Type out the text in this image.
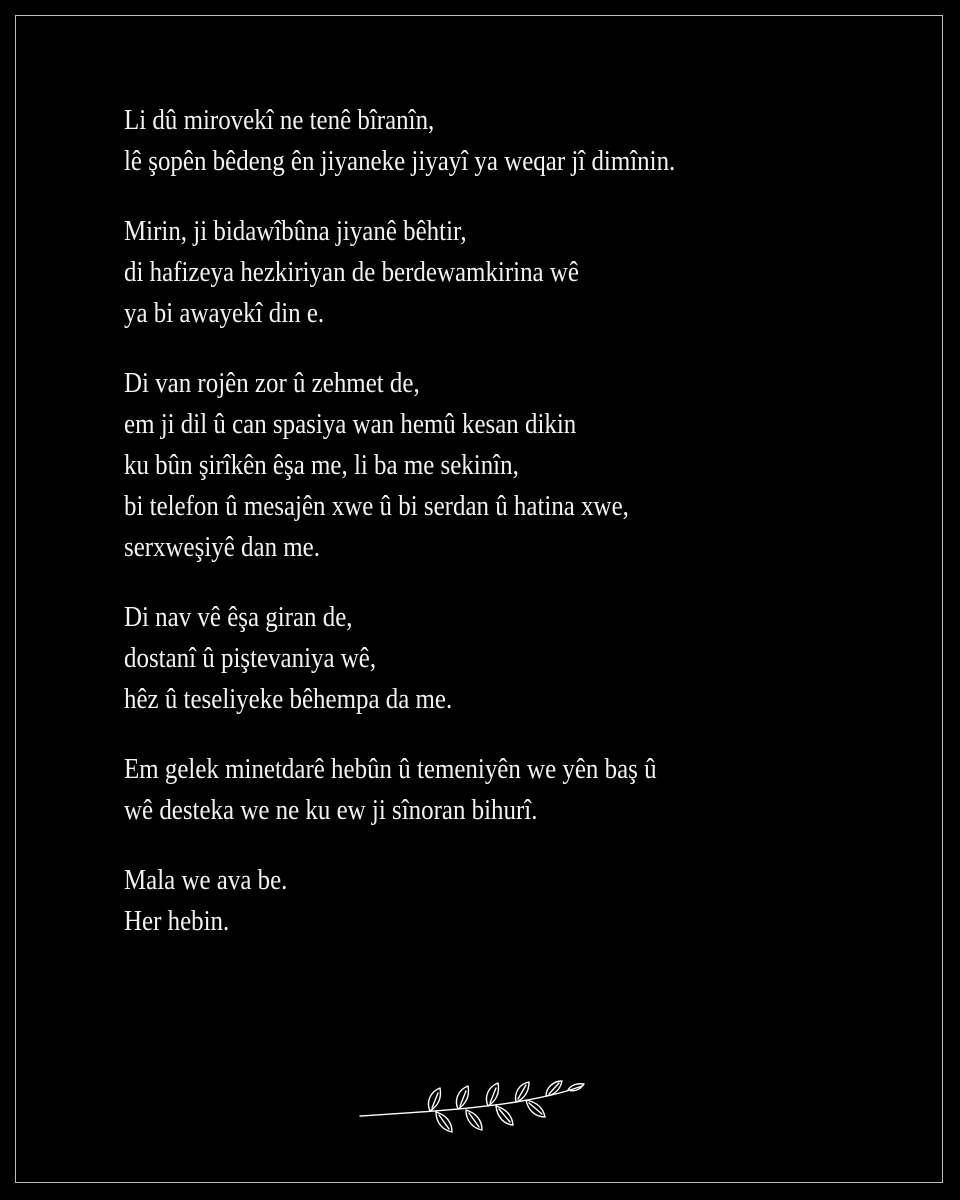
Li dû mirovekî ne tenê bîranîn,
lê şopên bêdeng ên jiyaneke jiyayî ya weqar jî dimînin.
Mirin, ji bidawîbûna jiyanê bêhtir,
di hafizeya hezkiriyan de berdewamkirina wê
ya bi awayekî din e.
Di van rojên zor û zehmet de,
em ji dil û can spasiya wan hemû kesan dikin
ku bûn şirîkên êşa me, li ba me sekinîn,
bi telefon û mesajên xwe û bi serdan û hatina xwe,
serxweşiyê dan me.
Di nav vê êşa giran de,
dostanî û piştevaniya wê,
hêz û teseliyeke bêhempa da me.
Em gelek minetdarê hebûn û temeniyên we yên baş û
wê desteka we ne ku ew ji sînoran bihurî.
Mala we ava be.
Her hebin.
